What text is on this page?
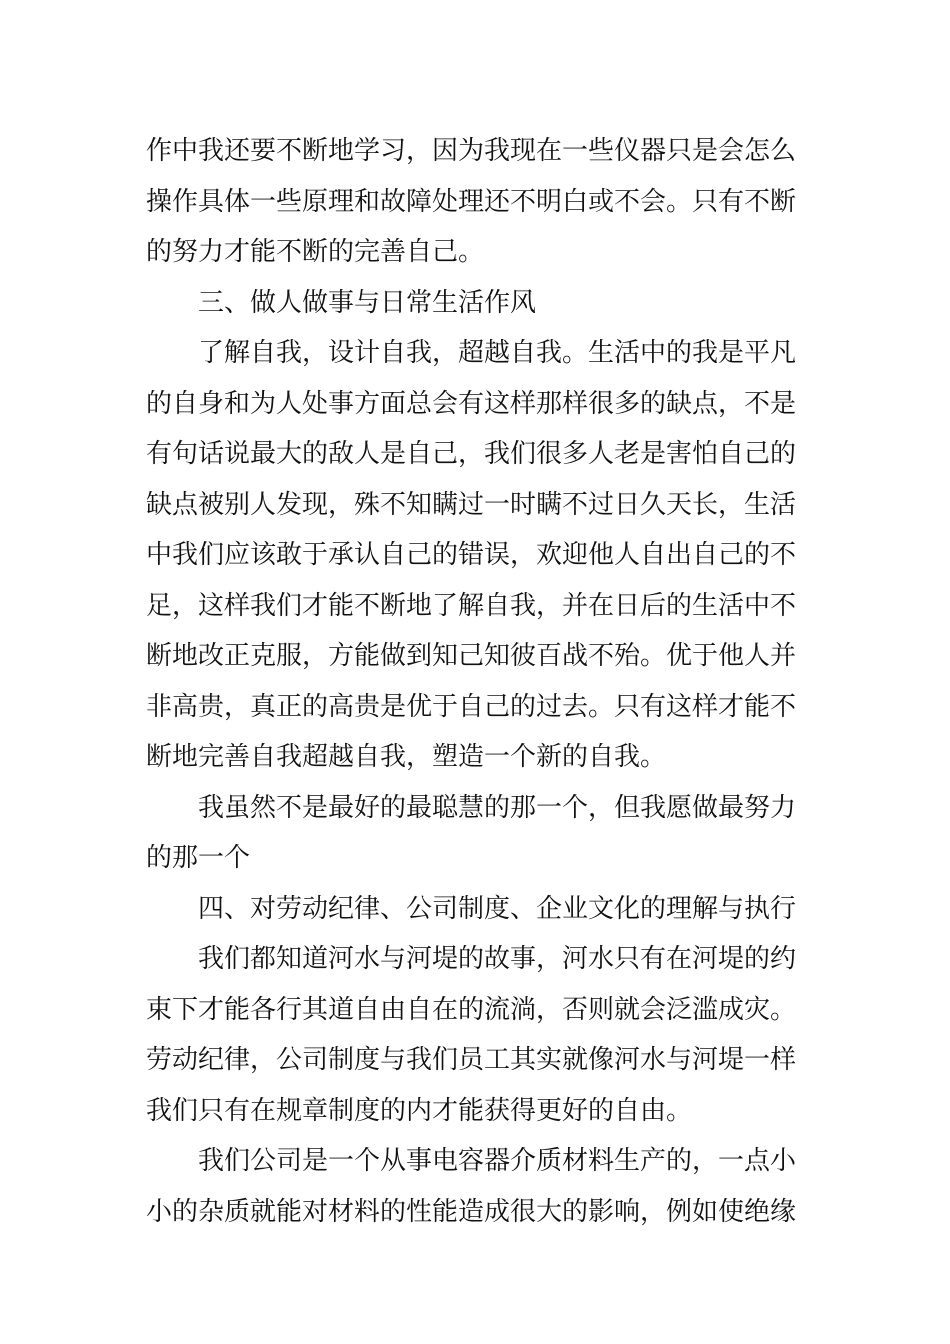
作中我还要不断地学习，因为我现在一些仪器只是会怎么
操作具体一些原理和故障处理还不明白或不会。只有不断
的努力才能不断的完善自己。
三、做人做事与日常生活作风
了解自我，设计自我，超越自我。生活中的我是平凡
的自身和为人处事方面总会有这样那样很多的缺点，不是
有句话说最大的敌人是自己，我们很多人老是害怕自己的
缺点被别人发现，殊不知瞒过一时瞒不过日久天长，生活
中我们应该敢于承认自己的错误，欢迎他人自出自己的不
足，这样我们才能不断地了解自我，并在日后的生活中不
断地改正克服，方能做到知己知彼百战不殆。优于他人并
非高贵，真正的高贵是优于自己的过去。只有这样才能不
断地完善自我超越自我，塑造一个新的自我。
我虽然不是最好的最聪慧的那一个，但我愿做最努力
的那一个
四、对劳动纪律、公司制度、企业文化的理解与执行
我们都知道河水与河堤的故事，河水只有在河堤的约
束下才能各行其道自由自在的流淌，否则就会泛滥成灾。
劳动纪律，公司制度与我们员工其实就像河水与河堤一样
我们只有在规章制度的内才能获得更好的自由。
我们公司是一个从事电容器介质材料生产的，一点小
小的杂质就能对材料的性能造成很大的影响，例如使绝缘
